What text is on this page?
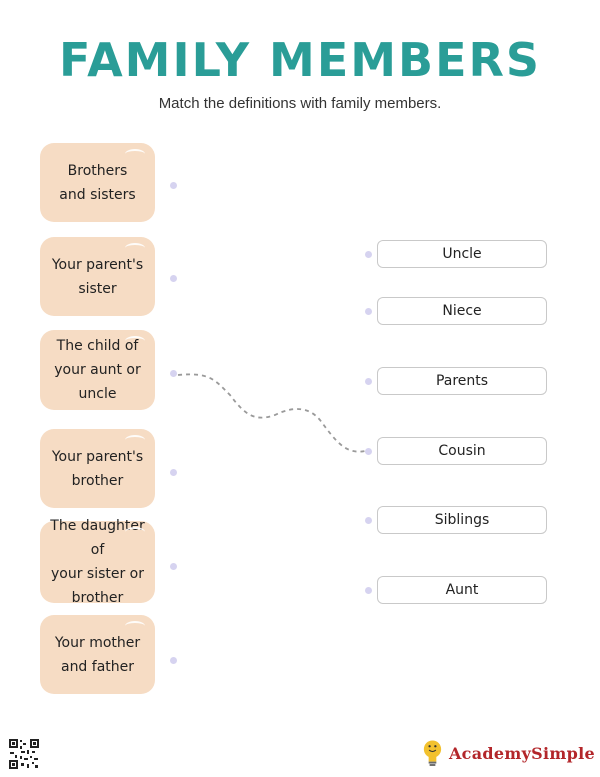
FAMILY MEMBERS
Match the definitions with family members.
Brothers
and sisters
Your parent's
sister
The child of
your aunt or
uncle
Your parent's
brother
The daughter of
your sister or
brother
Your mother
and father
Uncle
Niece
Parents
Cousin
Siblings
Aunt
AcademySimple
